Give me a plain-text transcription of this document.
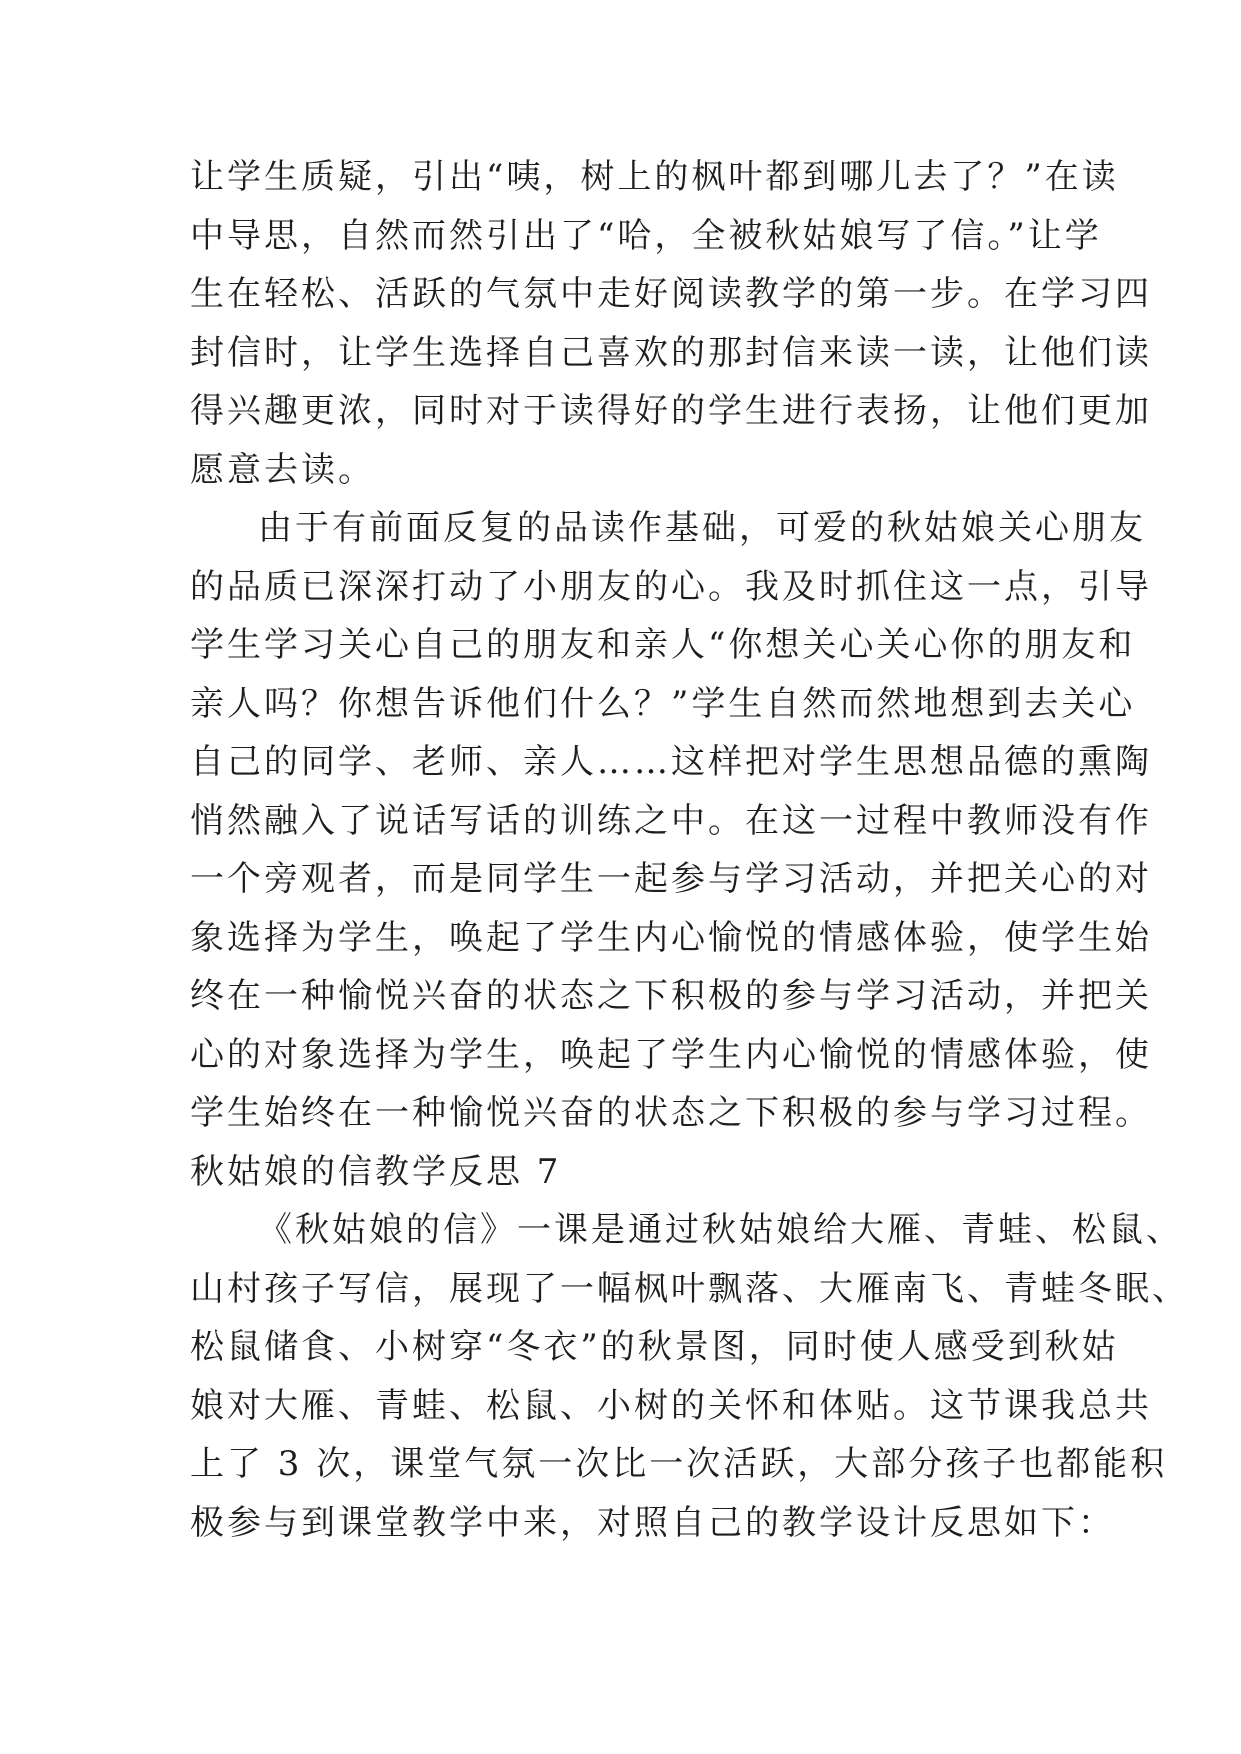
让学生质疑，引出“咦，树上的枫叶都到哪儿去了？”在读
中导思，自然而然引出了“哈，全被秋姑娘写了信。”让学
生在轻松、活跃的气氛中走好阅读教学的第一步。在学习四
封信时，让学生选择自己喜欢的那封信来读一读，让他们读
得兴趣更浓，同时对于读得好的学生进行表扬，让他们更加
愿意去读。
由于有前面反复的品读作基础，可爱的秋姑娘关心朋友
的品质已深深打动了小朋友的心。我及时抓住这一点，引导
学生学习关心自己的朋友和亲人“你想关心关心你的朋友和
亲人吗？你想告诉他们什么？”学生自然而然地想到去关心
自己的同学、老师、亲人……这样把对学生思想品德的熏陶
悄然融入了说话写话的训练之中。在这一过程中教师没有作
一个旁观者，而是同学生一起参与学习活动，并把关心的对
象选择为学生，唤起了学生内心愉悦的情感体验，使学生始
终在一种愉悦兴奋的状态之下积极的参与学习活动，并把关
心的对象选择为学生，唤起了学生内心愉悦的情感体验，使
学生始终在一种愉悦兴奋的状态之下积极的参与学习过程。
秋姑娘的信教学反思 7
《秋姑娘的信》一课是通过秋姑娘给大雁、青蛙、松鼠、
山村孩子写信，展现了一幅枫叶飘落、大雁南飞、青蛙冬眠、
松鼠储食、小树穿“冬衣”的秋景图，同时使人感受到秋姑
娘对大雁、青蛙、松鼠、小树的关怀和体贴。这节课我总共
上了 3 次，课堂气氛一次比一次活跃，大部分孩子也都能积
极参与到课堂教学中来，对照自己的教学设计反思如下：
